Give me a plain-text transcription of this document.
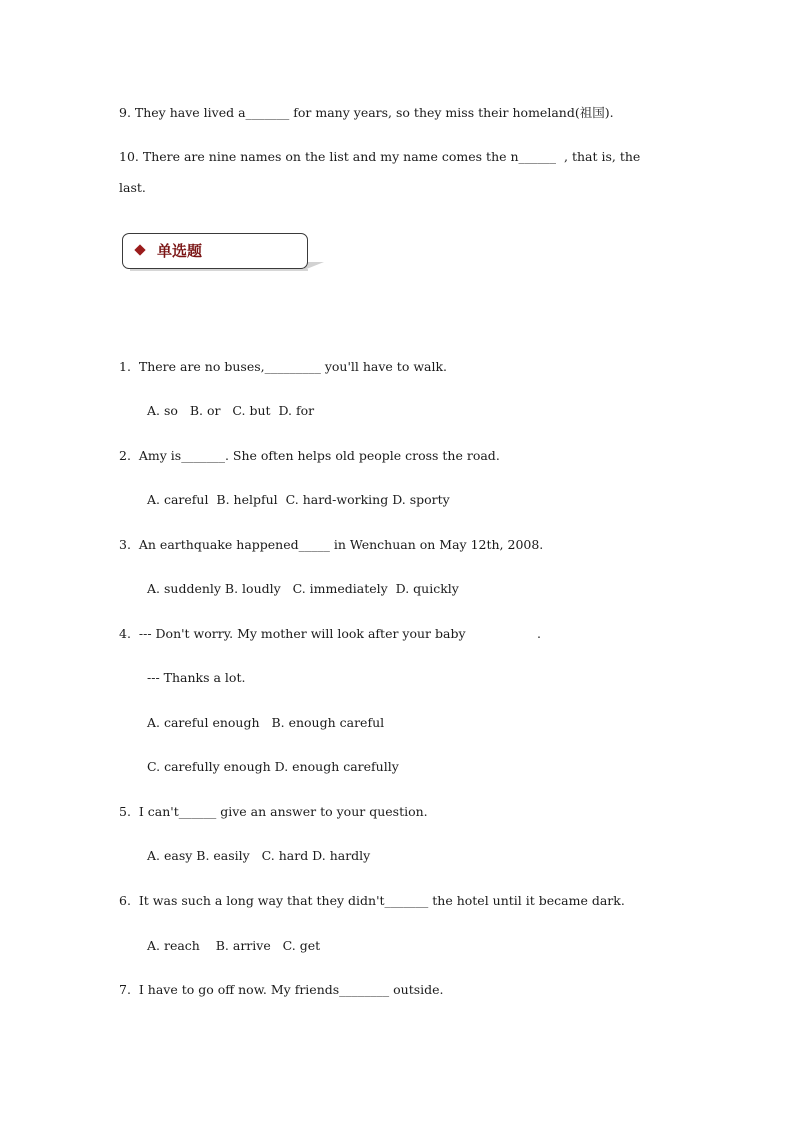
9. They have lived a_______ for many years, so they miss their homeland(祖国).
10. There are nine names on the list and my name comes the n______  , that is, the
last.
单选题
1.  There are no buses,_________ you'll have to walk.
A. so   B. or   C. but  D. for
2.  Amy is_______. She often helps old people cross the road.
A. careful  B. helpful  C. hard-working D. sporty
3.  An earthquake happened_____ in Wenchuan on May 12th, 2008.
A. suddenly B. loudly   C. immediately  D. quickly
4.  --- Don't worry. My mother will look after your baby                  .
--- Thanks a lot.
A. careful enough   B. enough careful
C. carefully enough D. enough carefully
5.  I can't______ give an answer to your question.
A. easy B. easily   C. hard D. hardly
6.  It was such a long way that they didn't_______ the hotel until it became dark.
A. reach    B. arrive   C. get
7.  I have to go off now. My friends________ outside.
